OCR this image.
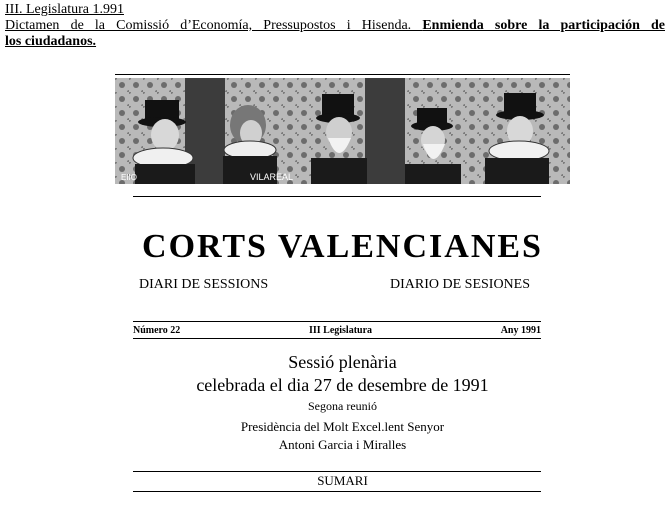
III. Legislatura 1.991
Dictamen de la Comissió d’Economía, Pressupostos i Hisenda. Enmienda sobre la participación de
los ciudadanos.
EIIO	VILAREAL
CORTS VALENCIANES
DIARI DE SESSIONS	DIARIO DE SESIONES
Número 22	III Legislatura	Any 1991
Sessió plenària
celebrada el dia 27 de desembre de 1991
Segona reunió
Presidència del Molt Excel.lent Senyor
Antoni Garcia i Miralles
SUMARI
